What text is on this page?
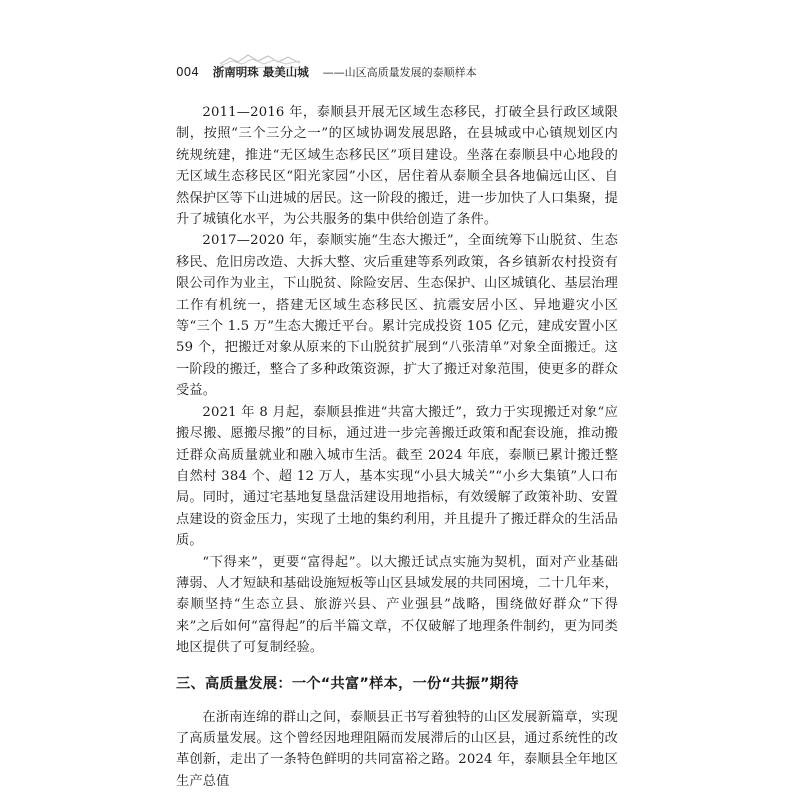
004 浙南明珠 最美山城 ——山区高质量发展的泰顺样本

2011—2016 年，泰顺县开展无区域生态移民，打破全县行政区域限制，按照“三个三分之一”的区域协调发展思路，在县城或中心镇规划区内统规统建，推进“无区域生态移民区”项目建设。坐落在泰顺县中心地段的无区域生态移民区“阳光家园”小区，居住着从泰顺全县各地偏远山区、自然保护区等下山进城的居民。这一阶段的搬迁，进一步加快了人口集聚，提升了城镇化水平，为公共服务的集中供给创造了条件。

2017—2020 年，泰顺实施“生态大搬迁”，全面统筹下山脱贫、生态移民、危旧房改造、大拆大整、灾后重建等系列政策，各乡镇新农村投资有限公司作为业主，下山脱贫、除险安居、生态保护、山区城镇化、基层治理工作有机统一，搭建无区域生态移民区、抗震安居小区、异地避灾小区等“三个 1.5 万”生态大搬迁平台。累计完成投资 105 亿元，建成安置小区 59 个，把搬迁对象从原来的下山脱贫扩展到“八张清单”对象全面搬迁。这一阶段的搬迁，整合了多种政策资源，扩大了搬迁对象范围，使更多的群众受益。

2021 年 8 月起，泰顺县推进“共富大搬迁”，致力于实现搬迁对象“应搬尽搬、愿搬尽搬”的目标，通过进一步完善搬迁政策和配套设施，推动搬迁群众高质量就业和融入城市生活。截至 2024 年底，泰顺已累计搬迁整自然村 384 个、超 12 万人，基本实现“小县大城关”“小乡大集镇”人口布局。同时，通过宅基地复垦盘活建设用地指标，有效缓解了政策补助、安置点建设的资金压力，实现了土地的集约利用，并且提升了搬迁群众的生活品质。

“下得来”，更要“富得起”。以大搬迁试点实施为契机，面对产业基础薄弱、人才短缺和基础设施短板等山区县域发展的共同困境，二十几年来，泰顺坚持“生态立县、旅游兴县、产业强县”战略，围绕做好群众“下得来”之后如何“富得起”的后半篇文章，不仅破解了地理条件制约，更为同类地区提供了可复制经验。

三、高质量发展：一个“共富”样本，一份“共振”期待

在浙南连绵的群山之间，泰顺县正书写着独特的山区发展新篇章，实现了高质量发展。这个曾经因地理阻隔而发展滞后的山区县，通过系统性的改革创新，走出了一条特色鲜明的共同富裕之路。2024 年，泰顺县全年地区生产总值
